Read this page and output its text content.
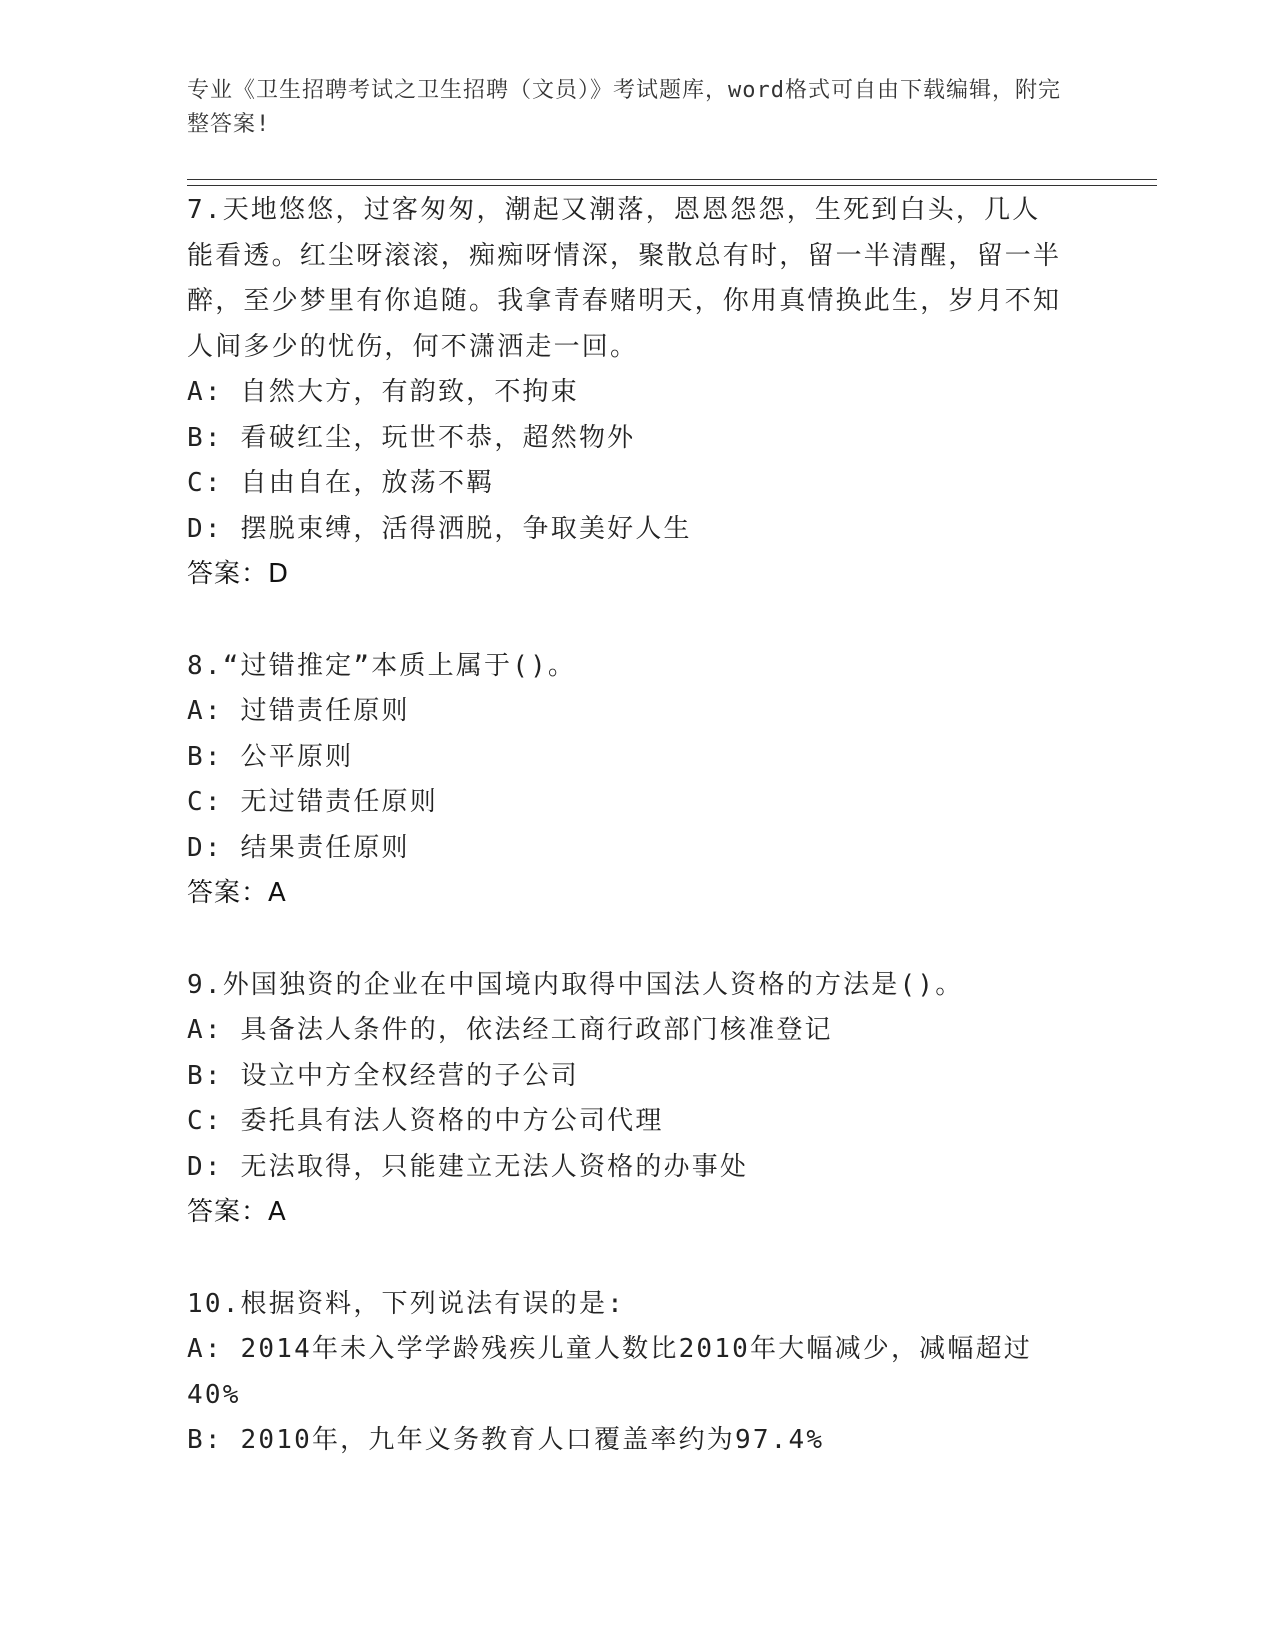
专业《卫生招聘考试之卫生招聘（文员）》考试题库，word格式可自由下载编辑，附完整答案!
7.天地悠悠，过客匆匆，潮起又潮落，恩恩怨怨，生死到白头，几人能看透。红尘呀滚滚，痴痴呀情深，聚散总有时，留一半清醒，留一半醉，至少梦里有你追随。我拿青春赌明天，你用真情换此生，岁月不知人间多少的忧伤，何不潇洒走一回。
A: 自然大方，有韵致，不拘束
B: 看破红尘，玩世不恭，超然物外
C: 自由自在，放荡不羁
D: 摆脱束缚，活得洒脱，争取美好人生
答案：D
8.“过错推定”本质上属于()。
A: 过错责任原则
B: 公平原则
C: 无过错责任原则
D: 结果责任原则
答案：A
9.外国独资的企业在中国境内取得中国法人资格的方法是()。
A: 具备法人条件的，依法经工商行政部门核准登记
B: 设立中方全权经营的子公司
C: 委托具有法人资格的中方公司代理
D: 无法取得，只能建立无法人资格的办事处
答案：A
10.根据资料，下列说法有误的是:
A: 2014年未入学学龄残疾儿童人数比2010年大幅减少，减幅超过40%
B: 2010年，九年义务教育人口覆盖率约为97.4%
